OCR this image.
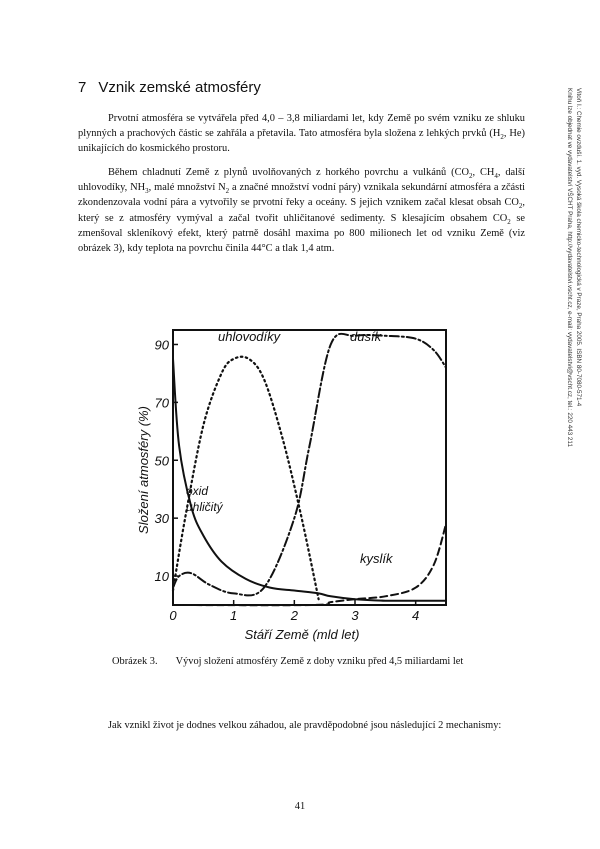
7 Vznik zemské atmosféry

Prvotní atmosféra se vytvářela před 4,0 – 3,8 miliardami let, kdy Země po svém vzniku ze shluku plynných a prachových částic se zahřála a přetavila. Tato atmosféra byla složena z lehkých prvků ($H_2$, He) unikajících do kosmického prostoru.

Během chladnutí Země z plynů uvolňovaných z horkého povrchu a vulkánů ($CO_2$, $CH_4$, další uhlovodíky, $NH_3$, malé množství $N_2$ a značné množství vodní páry) vznikala sekundární atmosféra a zčásti zkondenzovala vodní pára a vytvořily se prvotní řeky a oceány. S jejich vznikem začal klesat obsah $CO_2$, který se z atmosféry vymýval a začal tvořit uhličitanové sedimenty. S klesajícím obsahem $CO_2$ se zmenšoval skleníkový efekt, který patrně dosáhl maxima po 800 milionech let od vzniku Země (viz obrázek 3), kdy teplota na povrchu činila 44°C a tlak 1,4 atm.

90
70
50
30
10
0	1	2	3	4
uhlovodíky	dusík
oxid
uhličitý
kyslík
Stáří Země (mld let)
Složení atmosféry (%)
Obrázek 3. Vývoj složení atmosféry Země z doby vzniku před 4,5 miliardami let

Jak vznikl život je dodnes velkou záhadou, ale pravděpodobné jsou následující 2 mechanismy:

41
Vitoň I.: Chemie ovzduší. 1. vyd. Vysoká škola chemicko-technologická v Praze, Praha 2005. ISBN 80-7080-571-4
Knihu lze objednat ve vydavatelství VŠCHT Praha, http://vydavatelstvi.vscht.cz, e-mail: vydavatelstvi@vscht.cz, tel.: 220 443 211
